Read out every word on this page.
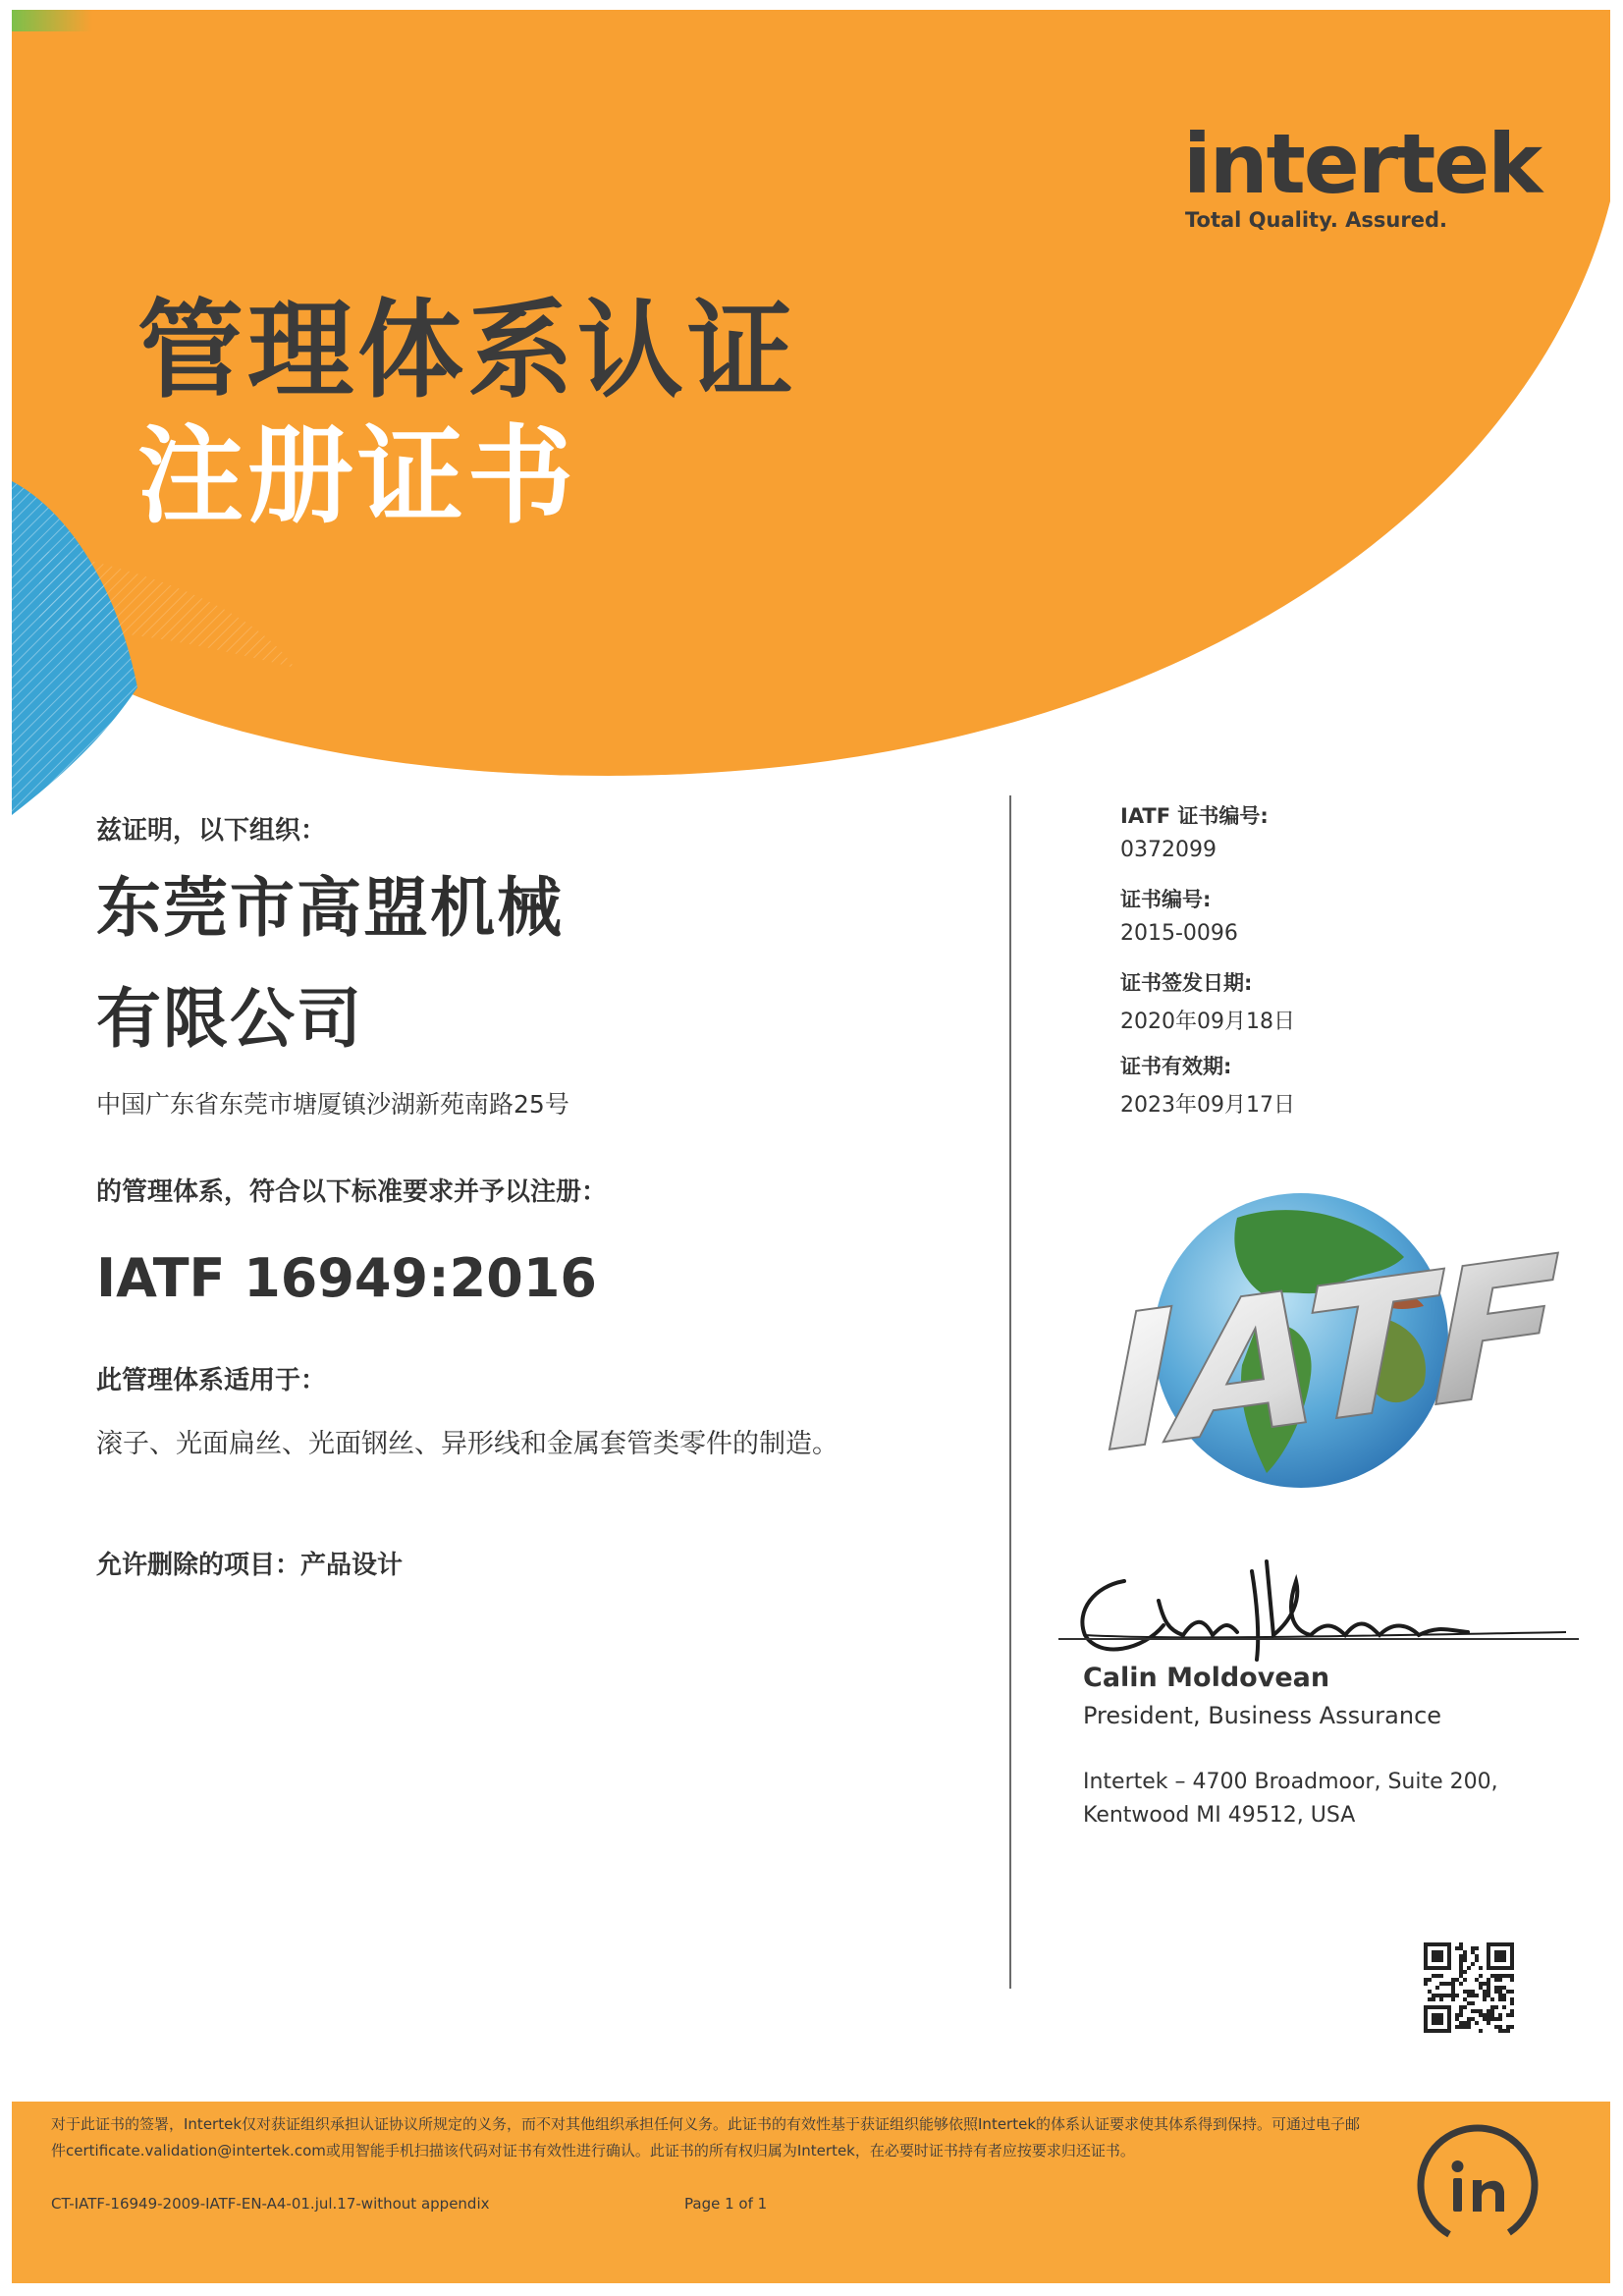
intertek
Total Quality. Assured.
管理体系认证
注册证书
兹证明，以下组织：
东莞市高盟机械
有限公司
中国广东省东莞市塘厦镇沙湖新苑南路25号
的管理体系，符合以下标准要求并予以注册：
IATF 16949:2016
此管理体系适用于：
滚子、光面扁丝、光面钢丝、异形线和金属套管类零件的制造。
允许删除的项目：产品设计
IATF 证书编号:
0372099
证书编号:
2015-0096
证书签发日期:
2020年09月18日
证书有效期:
2023年09月17日
IATF
Calin Moldovean
President, Business Assurance
Intertek – 4700 Broadmoor, Suite 200,
Kentwood MI 49512, USA
对于此证书的签署，Intertek仅对获证组织承担认证协议所规定的义务，而不对其他组织承担任何义务。此证书的有效性基于获证组织能够依照Intertek的体系认证要求使其体系得到保持。可通过电子邮件certificate.validation@intertek.com或用智能手机扫描该代码对证书有效性进行确认。此证书的所有权归属为Intertek，在必要时证书持有者应按要求归还证书。
CT-IATF-16949-2009-IATF-EN-A4-01.jul.17-without appendix	Page 1 of 1
